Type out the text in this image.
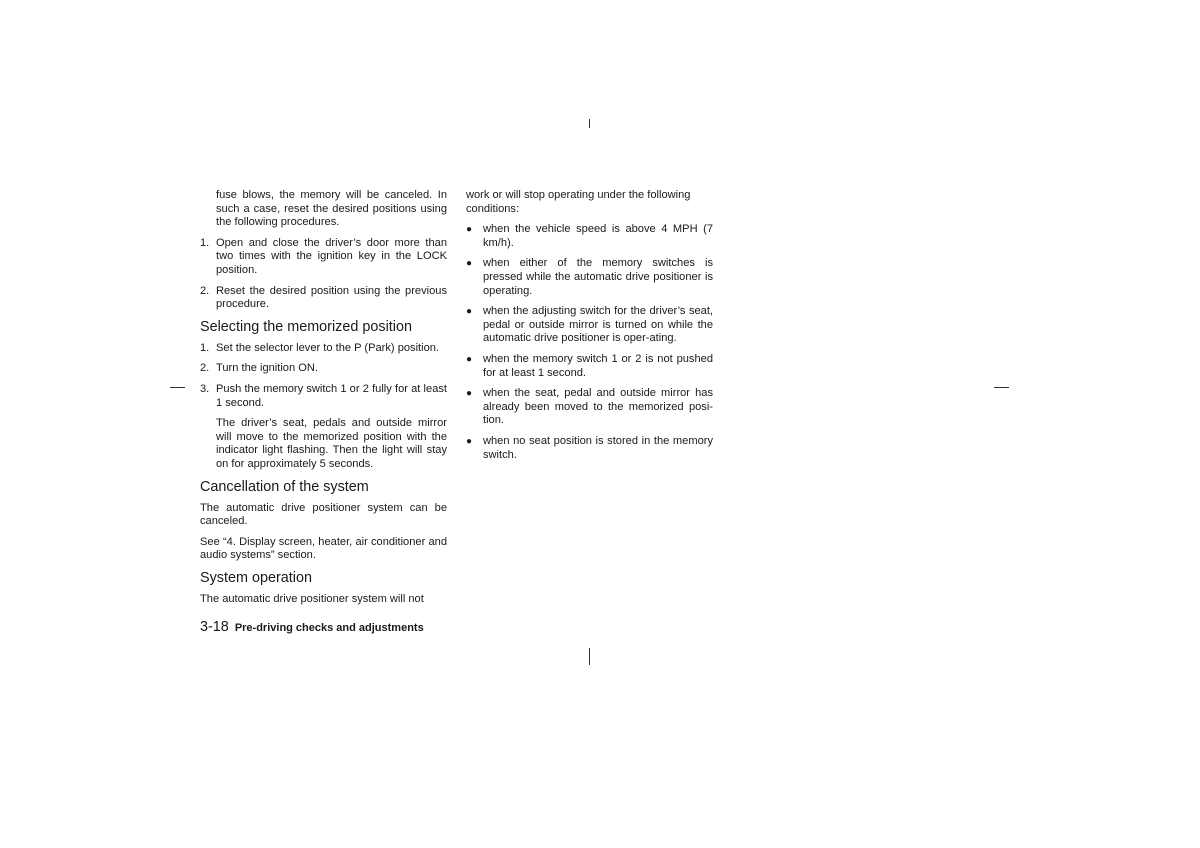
fuse blows, the memory will be canceled. In such a case, reset the desired positions using the following procedures.

1. Open and close the driver’s door more than two times with the ignition key in the LOCK position.
2. Reset the desired position using the previous procedure.
Selecting the memorized position
1. Set the selector lever to the P (Park) position.
2. Turn the ignition ON.
3. Push the memory switch 1 or 2 fully for at least 1 second.

The driver’s seat, pedals and outside mirror will move to the memorized position with the indicator light flashing. Then the light will stay on for approximately 5 seconds.

Cancellation of the system

The automatic drive positioner system can be canceled.

See “4. Display screen, heater, air conditioner and audio systems” section.

System operation

The automatic drive positioner system will not

work or will stop operating under the following conditions:

● when the vehicle speed is above 4 MPH (7 km/h).
● when either of the memory switches is pressed while the automatic drive positioner is operating.
● when the adjusting switch for the driver’s seat, pedal or outside mirror is turned on while the automatic drive positioner is oper-ating.
● when the memory switch 1 or 2 is not pushed for at least 1 second.
● when the seat, pedal and outside mirror has already been moved to the memorized posi-tion.
● when no seat position is stored in the memory switch.
3-18 Pre-driving checks and adjustments
